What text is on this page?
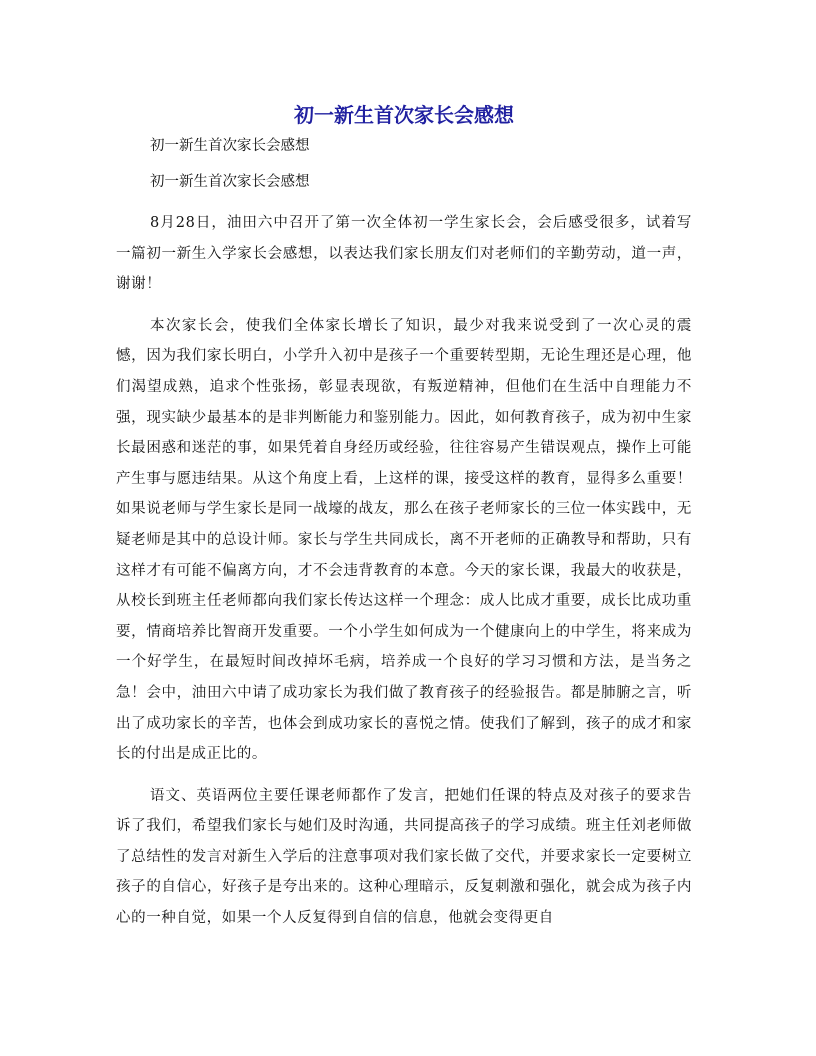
初一新生首次家长会感想

初一新生首次家长会感想

初一新生首次家长会感想

8月28日，油田六中召开了第一次全体初一学生家长会，会后感受很多，试着写一篇初一新生入学家长会感想，以表达我们家长朋友们对老师们的辛勤劳动，道一声，谢谢！

本次家长会，使我们全体家长增长了知识，最少对我来说受到了一次心灵的震憾，因为我们家长明白，小学升入初中是孩子一个重要转型期，无论生理还是心理，他们渴望成熟，追求个性张扬，彰显表现欲，有叛逆精神，但他们在生活中自理能力不强，现实缺少最基本的是非判断能力和鉴别能力。因此，如何教育孩子，成为初中生家长最困惑和迷茫的事，如果凭着自身经历或经验，往往容易产生错误观点，操作上可能产生事与愿违结果。从这个角度上看，上这样的课，接受这样的教育，显得多么重要！如果说老师与学生家长是同一战壕的战友，那么在孩子老师家长的三位一体实践中，无疑老师是其中的总设计师。家长与学生共同成长，离不开老师的正确教导和帮助，只有这样才有可能不偏离方向，才不会违背教育的本意。今天的家长课，我最大的收获是，从校长到班主任老师都向我们家长传达这样一个理念：成人比成才重要，成长比成功重要，情商培养比智商开发重要。一个小学生如何成为一个健康向上的中学生，将来成为一个好学生，在最短时间改掉坏毛病，培养成一个良好的学习习惯和方法，是当务之急！会中，油田六中请了成功家长为我们做了教育孩子的经验报告。都是肺腑之言，听出了成功家长的辛苦，也体会到成功家长的喜悦之情。使我们了解到，孩子的成才和家长的付出是成正比的。

语文、英语两位主要任课老师都作了发言，把她们任课的特点及对孩子的要求告诉了我们，希望我们家长与她们及时沟通，共同提高孩子的学习成绩。班主任刘老师做了总结性的发言对新生入学后的注意事项对我们家长做了交代，并要求家长一定要树立孩子的自信心，好孩子是夸出来的。这种心理暗示，反复刺激和强化，就会成为孩子内心的一种自觉，如果一个人反复得到自信的信息，他就会变得更自
